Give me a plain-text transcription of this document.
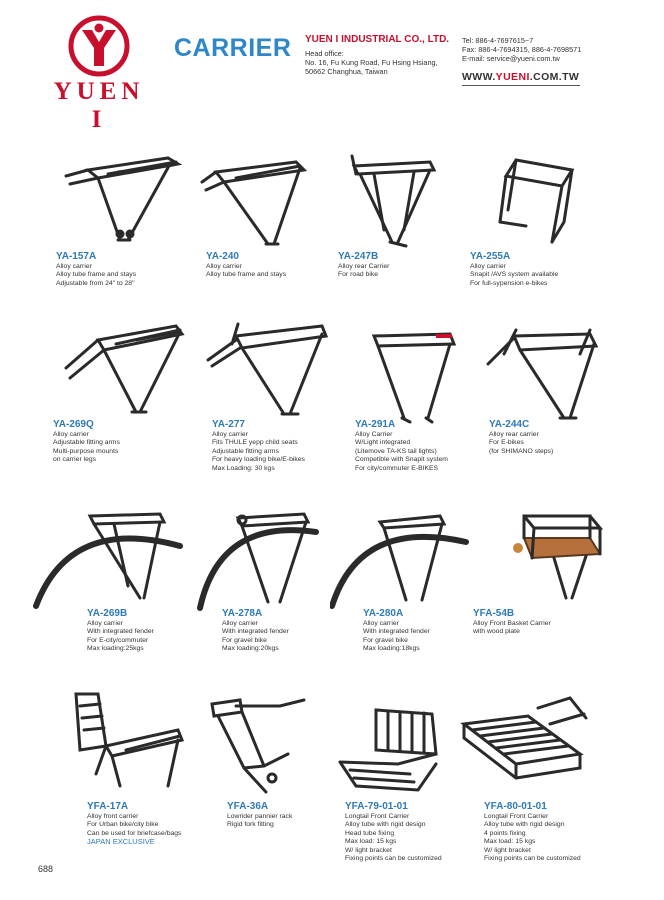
YUEN I
CARRIER YUEN I INDUSTRIAL CO., LTD.
Head office:
No. 16, Fu Kung Road, Fu Hsing Hsiang,
50662 Changhua, Taiwan
Tel: 886-4-7697615~7
Fax: 886-4-7694315, 886-4-7698571
E-mail: service@yueni.com.tw
WWW.YUENI.COM.TW
YA-157A
Alloy carrier
Alloy tube frame and stays
Adjustable from 24" to 28"
YA-240
Alloy carrier
Alloy tube frame and stays
YA-247B
Alloy rear Carrier
For road bike
YA-255A
Alloy carrier
Snapit /AVS system available
For full-sypension e-bikes
YA-269Q
Alloy carrier
Adjustable fitting arms
Multi-purpose mounts
on carrier legs
YA-277
Alloy carrier
Fits THULE yepp child seats
Adjustable fitting arms
For heavy loading bike/E-bikes
Max Loading: 30 kgs
YA-291A
Alloy Carrier
W/Light integrated
(Litemove TA-KS tail lights)
Competible with Snapit system
For city/commuter E-BIKES
YA-244C
Alloy rear carrier
For E-bikes
(for SHIMANO steps)
YA-269B
Alloy carrier
With integrated fender
For E-city/commuter
Max loading:25kgs
YA-278A
Alloy carrier
With integrated fender
For gravel bike
Max loading:20kgs
YA-280A
Alloy carrier
With integrated fender
For gravel bike
Max loading:18kgs
YFA-54B
Alloy Front Basket Carrier
with wood plate
YFA-17A
Alloy front carrier
For Urban bike/city bike
Can be used for briefcase/bags
JAPAN EXCLUSIVE
YFA-36A
Lowrider pannier rack
Rigid fork fitting
YFA-79-01-01
Longtail Front Carrier
Alloy tube with rigid design
Head tube fixing
Max load: 15 kgs
W/ light bracket
Fixing points can be customized
YFA-80-01-01
Longtail Front Carrier
Alloy tube with rigid design
4 points fixing
Max load: 15 kgs
W/ light bracket
Fixing points can be customized
688
